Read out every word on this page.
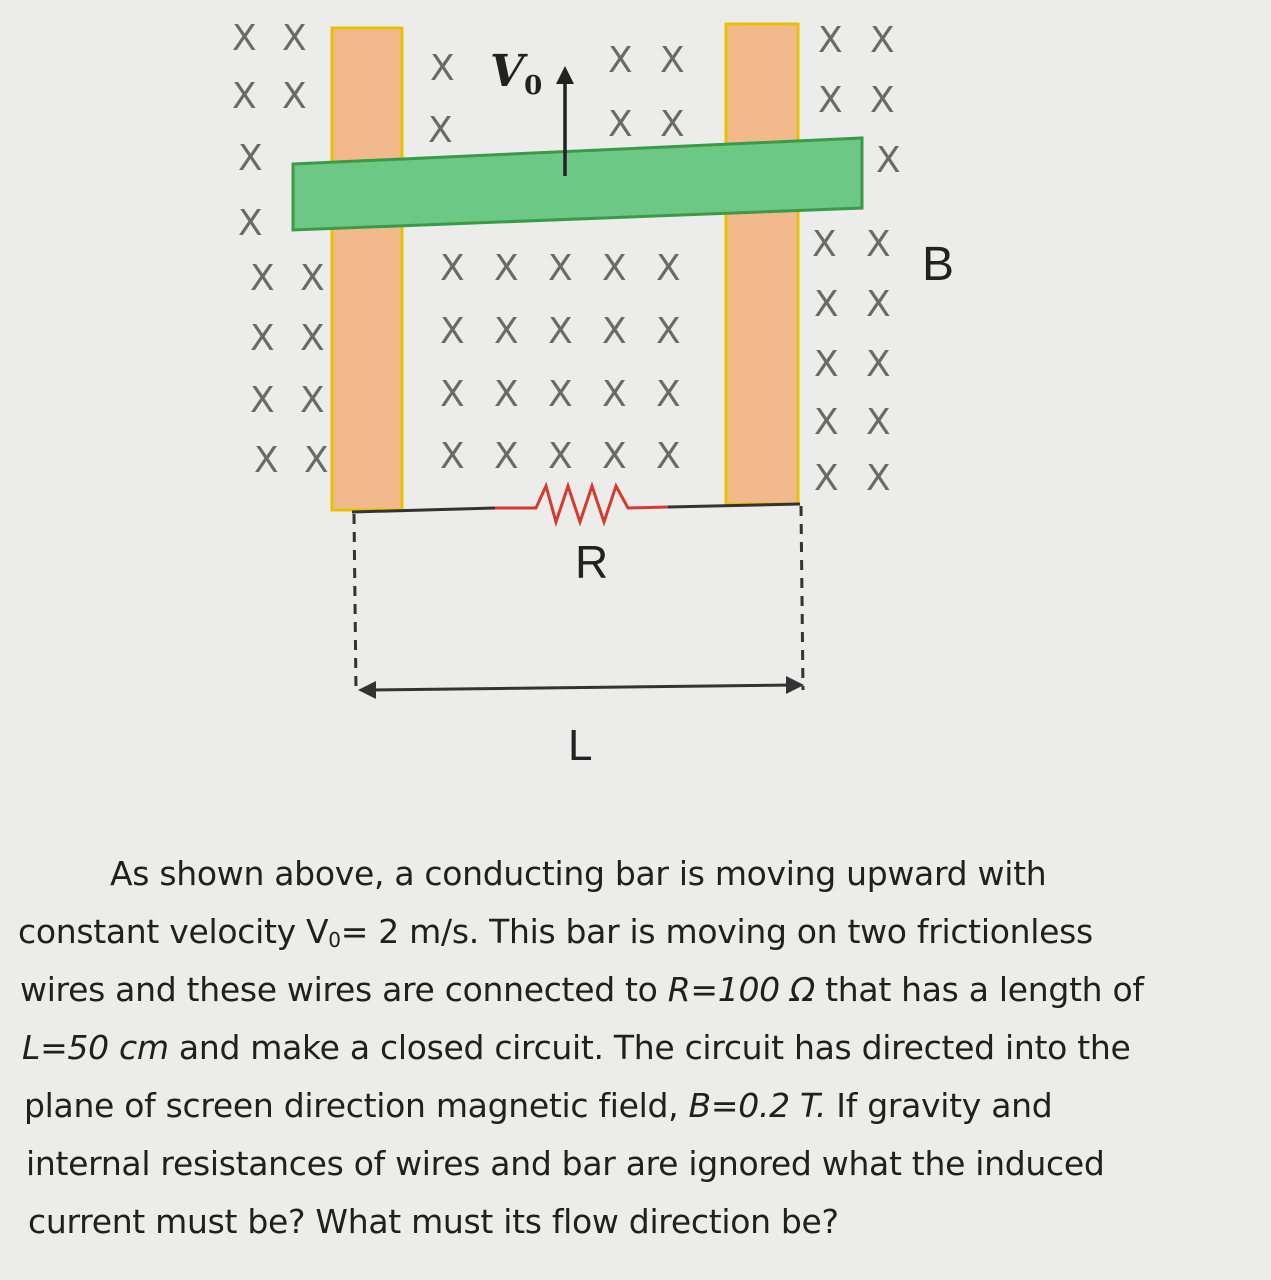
X X
X X
X
X
X X
X X
X X
X X
X	X X
X	X X
X X X X X
X X X X X
X X X X X
X X X X X
X X
X X
X
X X
X X
X X
X X
X X
V0
R
L
B
As shown above, a conducting bar is moving upward with
constant velocity $V_0= 2$ m/s. This bar is moving on two frictionless
wires and these wires are connected to R=100 Ω that has a length of
L=50 cm and make a closed circuit. The circuit has directed into the
plane of screen direction magnetic field, B=0.2 T. If gravity and
internal resistances of wires and bar are ignored what the induced
current must be? What must its flow direction be?
